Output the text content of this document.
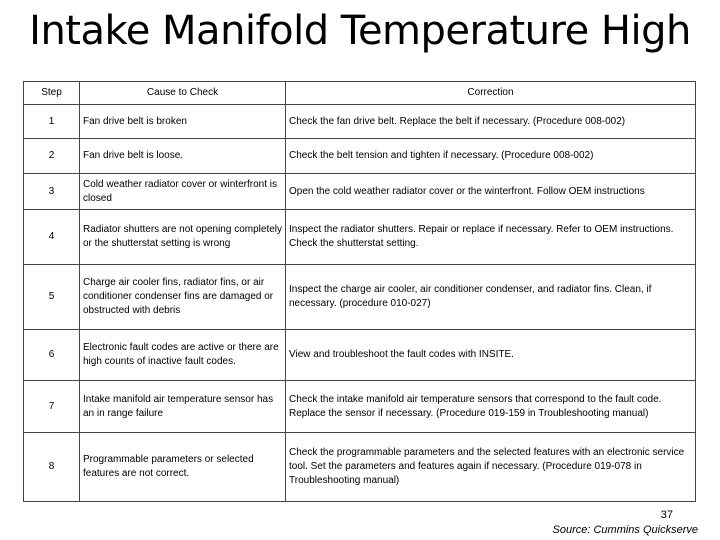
Intake Manifold Temperature High
Step	Cause to Check	Correction
1	Fan drive belt is broken	Check the fan drive belt. Replace the belt if necessary. (Procedure 008-002)
2	Fan drive belt is loose.	Check the belt tension and tighten if necessary. (Procedure 008-002)
3	Cold weather radiator cover or winterfront is closed	Open the cold weather radiator cover or the winterfront. Follow OEM instructions
4	Radiator shutters are not opening completely or the shutterstat setting is wrong	Inspect the radiator shutters. Repair or replace if necessary. Refer to OEM instructions. Check the shutterstat setting.
5	Charge air cooler fins, radiator fins, or air conditioner condenser fins are damaged or obstructed with debris	Inspect the charge air cooler, air conditioner condenser, and radiator fins. Clean, if necessary. (procedure 010-027)
6	Electronic fault codes are active or there are high counts of inactive fault codes.	View and troubleshoot the fault codes with INSITE.
7	Intake manifold air temperature sensor has an in range failure	Check the intake manifold air temperature sensors that correspond to the fault code. Replace the sensor if necessary. (Procedure 019-159 in Troubleshooting manual)
8	Programmable parameters or selected features are not correct.	Check the programmable parameters and the selected features with an electronic service tool. Set the parameters and features again if necessary. (Procedure 019-078 in Troubleshooting manual)
37
Source: Cummins Quickserve
